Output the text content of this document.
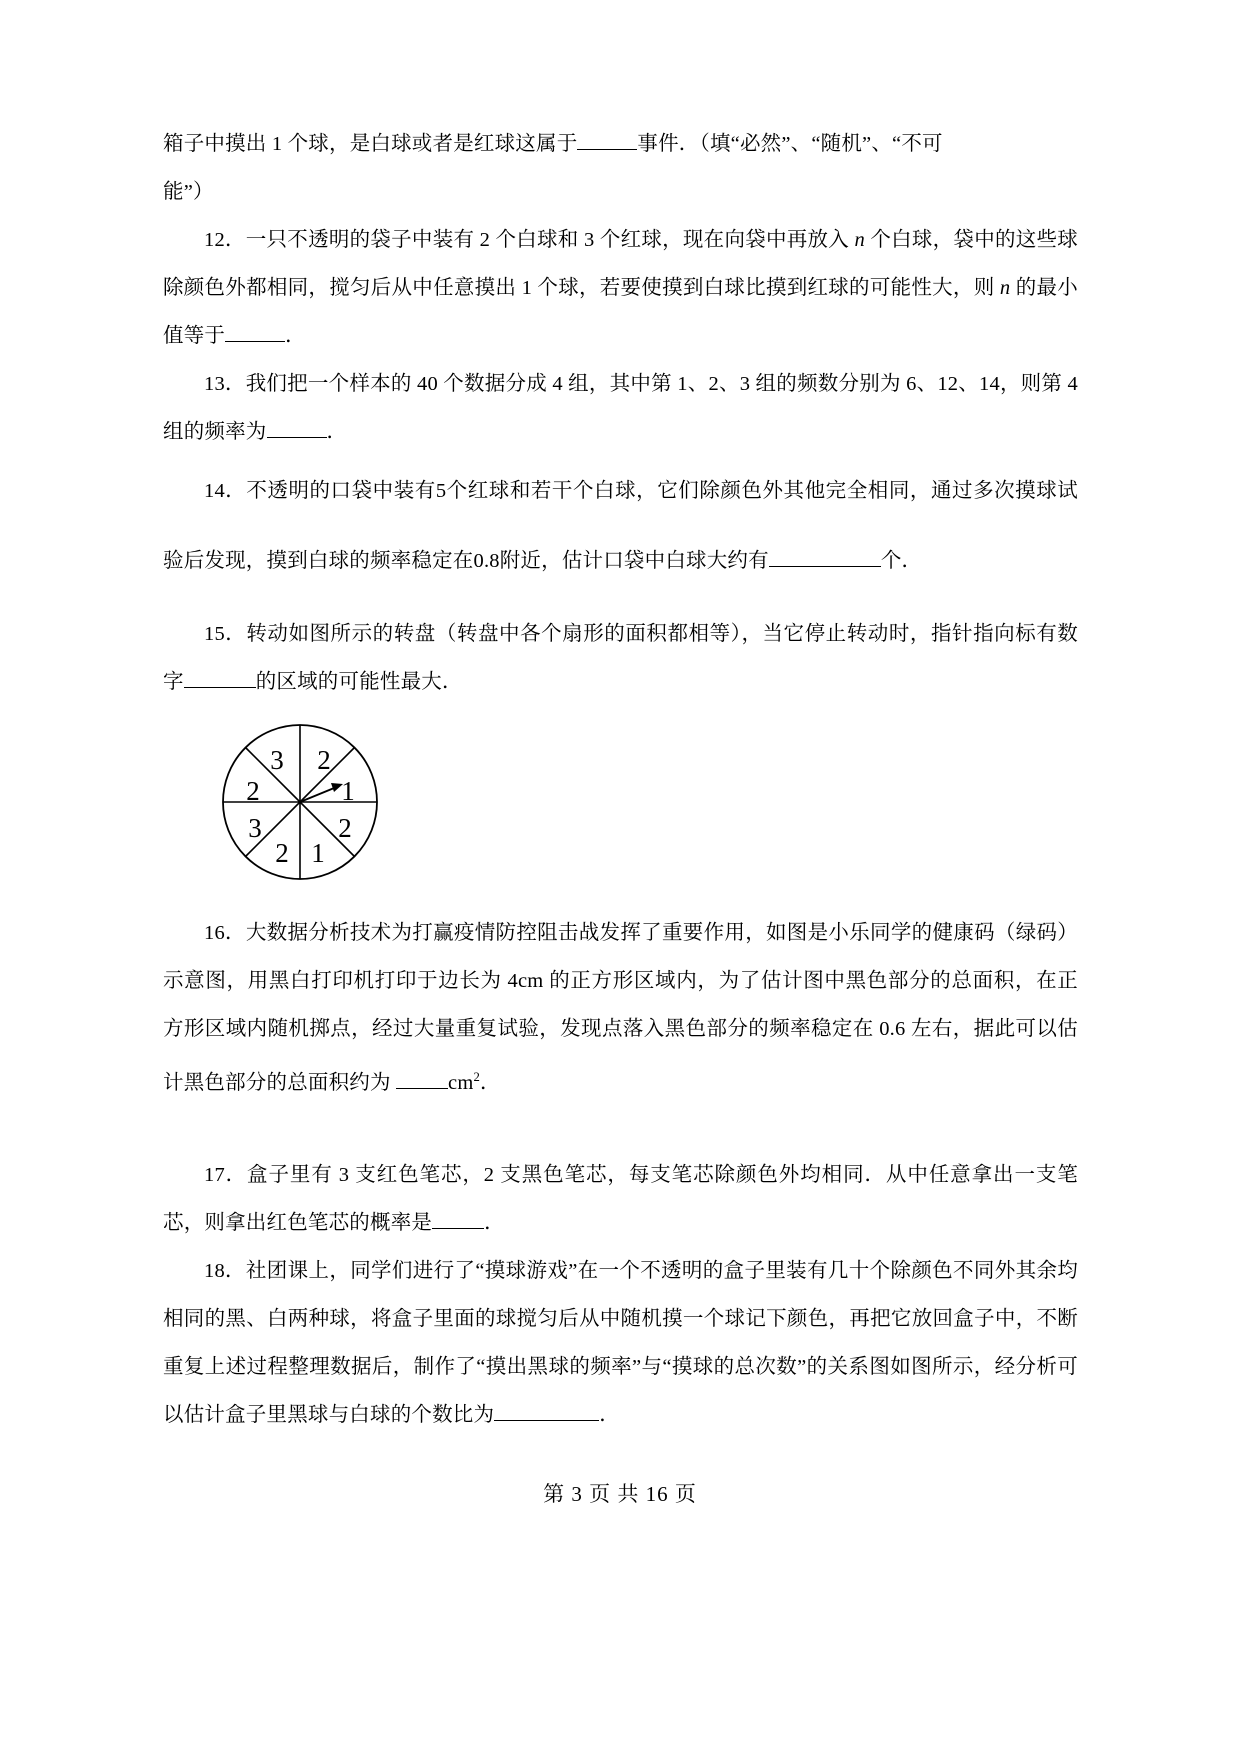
箱子中摸出 1 个球，是白球或者是红球这属于	事件．（填“必然”、“随机”、“不可

能”）

12．一只不透明的袋子中装有 2 个白球和 3 个红球，现在向袋中再放入 n 个白球，袋中的这些球除颜色外都相同，搅匀后从中任意摸出 1 个球，若要使摸到白球比摸到红球的可能性大，则 n 的最小值等于	．

13．我们把一个样本的 40 个数据分成 4 组，其中第 1、2、3 组的频数分别为 6、12、14，则第 4 组的频率为	．

14．不透明的口袋中装有5个红球和若干个白球，它们除颜色外其他完全相同，通过多次摸球试验后发现，摸到白球的频率稳定在0.8附近，估计口袋中白球大约有	个．

15．转动如图所示的转盘（转盘中各个扇形的面积都相等），当它停止转动时，指针指向标有数字	的区域的可能性最大．

2
1
2
1
2
3
2
3

16．大数据分析技术为打赢疫情防控阻击战发挥了重要作用，如图是小乐同学的健康码（绿码）示意图，用黑白打印机打印于边长为 4cm 的正方形区域内，为了估计图中黑色部分的总面积，在正方形区域内随机掷点，经过大量重复试验，发现点落入黑色部分的频率稳定在 0.6 左右，据此可以估计黑色部分的总面积约为	$cm^2$．

17．盒子里有 3 支红色笔芯，2 支黑色笔芯，每支笔芯除颜色外均相同．从中任意拿出一支笔芯，则拿出红色笔芯的概率是	．

18．社团课上，同学们进行了“摸球游戏”在一个不透明的盒子里装有几十个除颜色不同外其余均相同的黑、白两种球，将盒子里面的球搅匀后从中随机摸一个球记下颜色，再把它放回盒子中，不断重复上述过程整理数据后，制作了“摸出黑球的频率”与“摸球的总次数”的关系图如图所示，经分析可以估计盒子里黑球与白球的个数比为	．

第 3 页 共 16 页
